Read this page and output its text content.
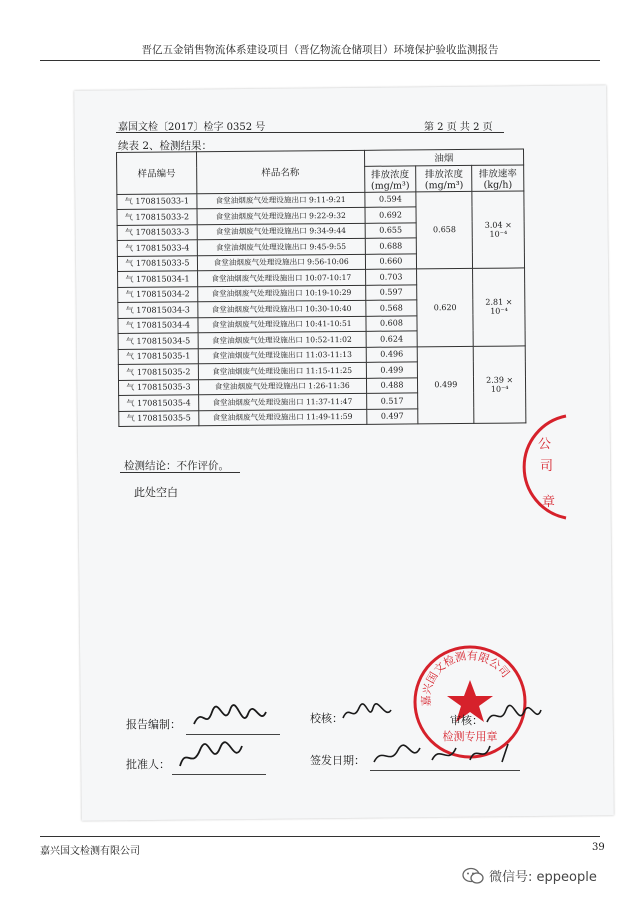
晋亿五金销售物流体系建设项目（晋亿物流仓储项目）环境保护验收监测报告
嘉国文检〔2017〕检字 0352 号	第 2 页 共 2 页
续表 2、检测结果：
样品编号	样品名称	油烟		
		排放浓度 (mg/m³)	排放浓度 (mg/m³)	排放速率 (kg/h)
气 170815033-1	食堂油烟废气处理设施出口 9:11-9:21	0.594	0.658	3.04 × 10⁻⁴
气 170815033-2	食堂油烟废气处理设施出口 9:22-9:32	0.692		
气 170815033-3	食堂油烟废气处理设施出口 9:34-9:44	0.655		
气 170815033-4	食堂油烟废气处理设施出口 9:45-9:55	0.688		
气 170815033-5	食堂油烟废气处理设施出口 9:56-10:06	0.660		
气 170815034-1	食堂油烟废气处理设施出口 10:07-10:17	0.703	0.620	2.81 × 10⁻⁴
气 170815034-2	食堂油烟废气处理设施出口 10:19-10:29	0.597		
气 170815034-3	食堂油烟废气处理设施出口 10:30-10:40	0.568		
气 170815034-4	食堂油烟废气处理设施出口 10:41-10:51	0.608		
气 170815034-5	食堂油烟废气处理设施出口 10:52-11:02	0.624		
气 170815035-1	食堂油烟废气处理设施出口 11:03-11:13	0.496	0.499	2.39 × 10⁻⁴
气 170815035-2	食堂油烟废气处理设施出口 11:15-11:25	0.499		
气 170815035-3	食堂油烟废气处理设施出口 1:26-11:36	0.488		
气 170815035-4	食堂油烟废气处理设施出口 11:37-11:47	0.517		
气 170815035-5	食堂油烟废气处理设施出口 11:49-11:59	0.497		
检测结论：不作评价。
此处空白
公
司
章
嘉兴国文检测有限公司
检测专用章
报告编制：	校核：	审核：
批准人：	签发日期：
嘉兴国文检测有限公司	39
微信号: eppeople
